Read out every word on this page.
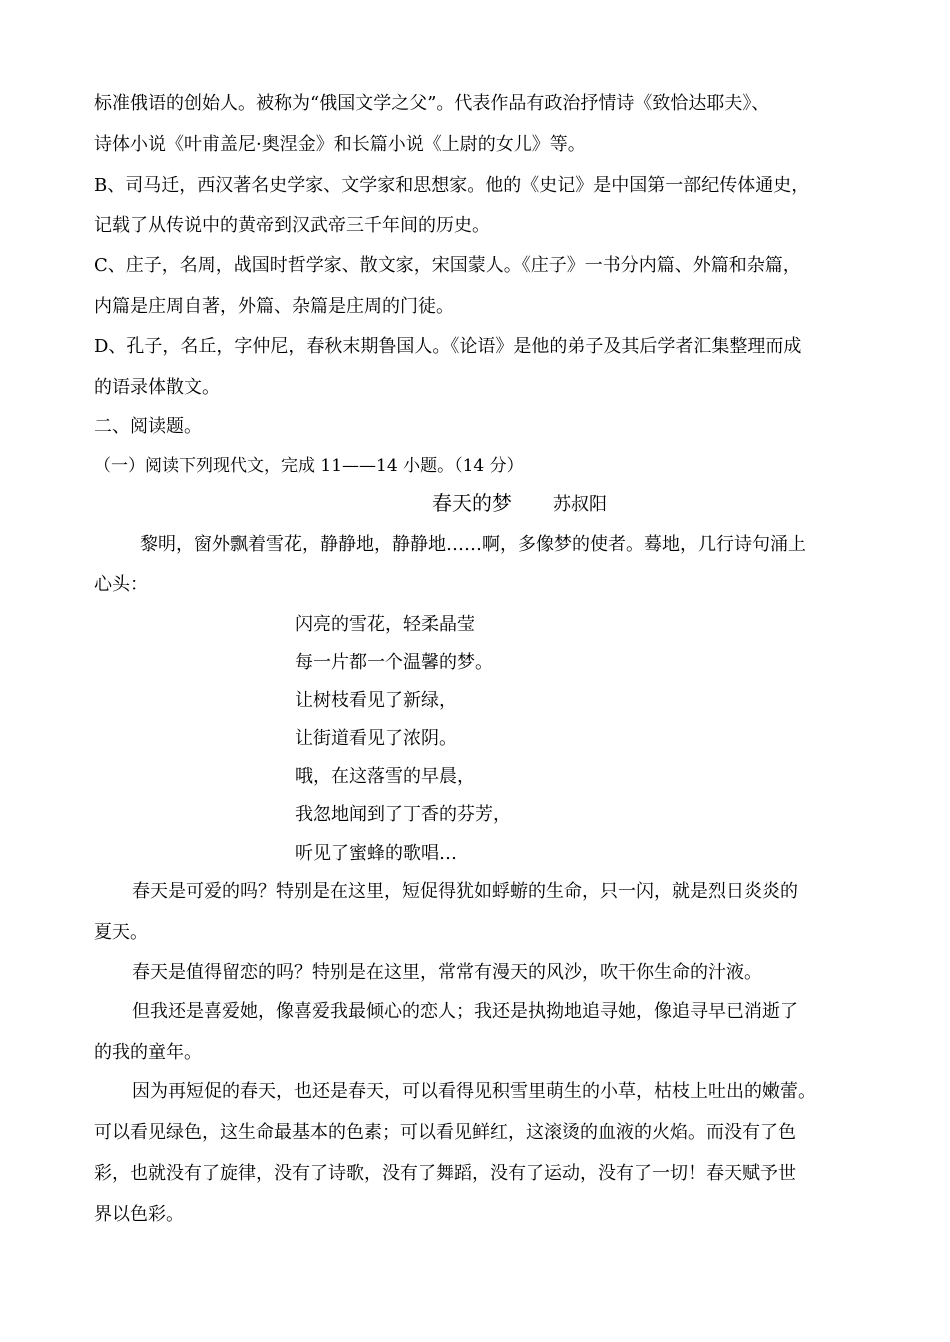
标准俄语的创始人。被称为“俄国文学之父”。代表作品有政治抒情诗《致恰达耶夫》、
诗体小说《叶甫盖尼·奥涅金》和长篇小说《上尉的女儿》等。
B、司马迁，西汉著名史学家、文学家和思想家。他的《史记》是中国第一部纪传体通史，
记载了从传说中的黄帝到汉武帝三千年间的历史。
C、庄子，名周，战国时哲学家、散文家，宋国蒙人。《庄子》一书分内篇、外篇和杂篇，
内篇是庄周自著，外篇、杂篇是庄周的门徒。
D、孔子，名丘，字仲尼，春秋末期鲁国人。《论语》是他的弟子及其后学者汇集整理而成
的语录体散文。
二、阅读题。
（一）阅读下列现代文，完成 11——14 小题。（14 分）
春天的梦 苏叔阳
黎明，窗外飘着雪花，静静地，静静地……啊，多像梦的使者。蓦地，几行诗句涌上
心头：
闪亮的雪花，轻柔晶莹
每一片都一个温馨的梦。
让树枝看见了新绿，
让街道看见了浓阴。
哦，在这落雪的早晨，
我忽地闻到了丁香的芬芳，
听见了蜜蜂的歌唱…
春天是可爱的吗？特别是在这里，短促得犹如蜉蝣的生命，只一闪，就是烈日炎炎的
夏天。
春天是值得留恋的吗？特别是在这里，常常有漫天的风沙，吹干你生命的汁液。
但我还是喜爱她，像喜爱我最倾心的恋人；我还是执拗地追寻她，像追寻早已消逝了
的我的童年。
因为再短促的春天，也还是春天，可以看得见积雪里萌生的小草，枯枝上吐出的嫩蕾。
可以看见绿色，这生命最基本的色素；可以看见鲜红，这滚烫的血液的火焰。而没有了色
彩，也就没有了旋律，没有了诗歌，没有了舞蹈，没有了运动，没有了一切！春天赋予世
界以色彩。
